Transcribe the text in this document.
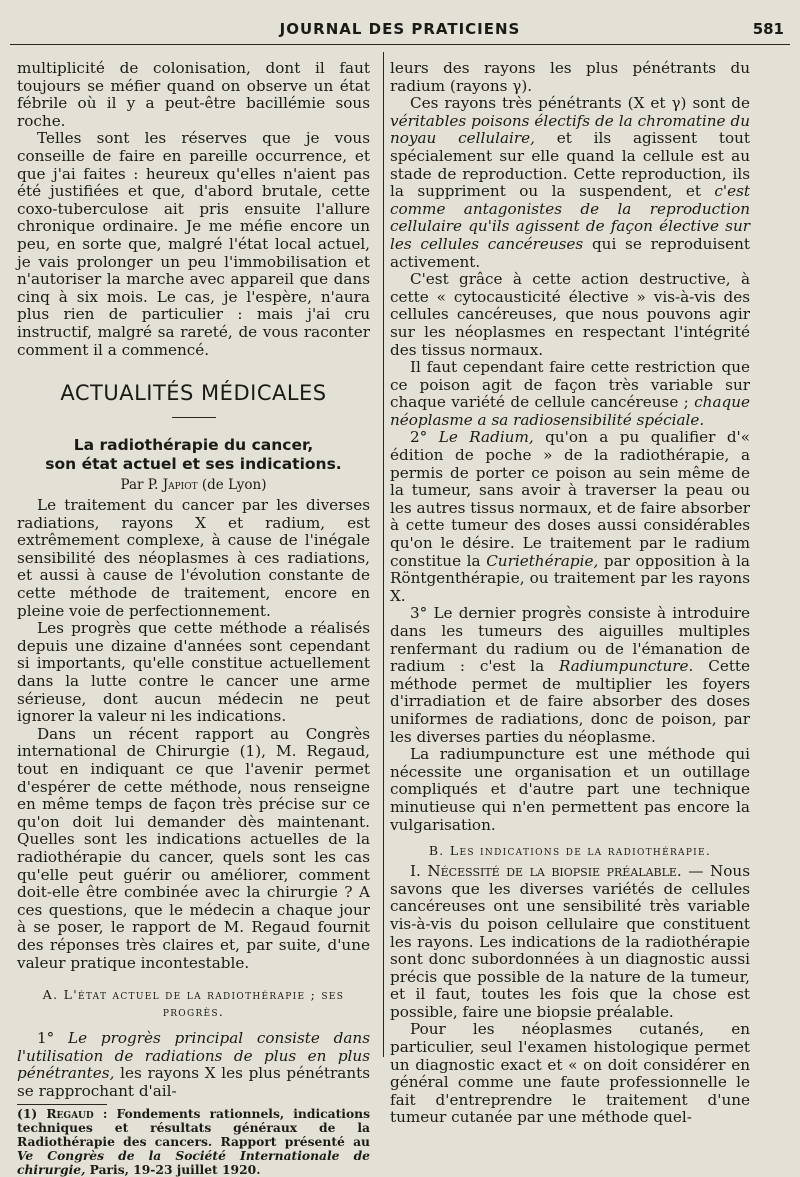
JOURNAL DES PRATICIENS	581

multiplicité de colonisation, dont il faut toujours se méfier quand on observe un état fébrile où il y a peut-être bacillémie sous roche.

Telles sont les réserves que je vous conseille de faire en pareille occurrence, et que j'ai faites : heureux qu'elles n'aient pas été justifiées et que, d'abord brutale, cette coxo-tuberculose ait pris ensuite l'allure chronique ordinaire. Je me méfie encore un peu, en sorte que, malgré l'état local actuel, je vais prolonger un peu l'immobilisation et n'autoriser la marche avec appareil que dans cinq à six mois. Le cas, je l'espère, n'aura plus rien de particulier : mais j'ai cru instructif, malgré sa rareté, de vous raconter comment il a commencé.

ACTUALITÉS MÉDICALES
La radiothérapie du cancer,
son état actuel et ses indications.
Par P. Japiot (de Lyon)

Le traitement du cancer par les diverses radiations, rayons X et radium, est extrêmement complexe, à cause de l'inégale sensibilité des néoplasmes à ces radiations, et aussi à cause de l'évolution constante de cette méthode de traitement, encore en pleine voie de perfectionnement.

Les progrès que cette méthode a réalisés depuis une dizaine d'années sont cependant si importants, qu'elle constitue actuellement dans la lutte contre le cancer une arme sérieuse, dont aucun médecin ne peut ignorer la valeur ni les indications.

Dans un récent rapport au Congrès international de Chirurgie (1), M. Regaud, tout en indiquant ce que l'avenir permet d'espérer de cette méthode, nous renseigne en même temps de façon très précise sur ce qu'on doit lui demander dès maintenant. Quelles sont les indications actuelles de la radiothérapie du cancer, quels sont les cas qu'elle peut guérir ou améliorer, comment doit-elle être combinée avec la chirurgie ? A ces questions, que le médecin a chaque jour à se poser, le rapport de M. Regaud fournit des réponses très claires et, par suite, d'une valeur pratique incontestable.

A. L'état actuel de la radiothérapie ; ses progrès.

1° Le progrès principal consiste dans l'utilisation de radiations de plus en plus pénétrantes, les rayons X les plus pénétrants se rapprochant d'ail-

(1) Regaud : Fondements rationnels, indications techniques et résultats généraux de la Radiothérapie des cancers. Rapport présenté au Ve Congrès de la Société Internationale de chirurgie, Paris, 19-23 juillet 1920.

leurs des rayons les plus pénétrants du radium (rayons γ).

Ces rayons très pénétrants (X et γ) sont de véritables poisons électifs de la chromatine du noyau cellulaire, et ils agissent tout spécialement sur elle quand la cellule est au stade de reproduction. Cette reproduction, ils la suppriment ou la suspendent, et c'est comme antagonistes de la reproduction cellulaire qu'ils agissent de façon élective sur les cellules cancéreuses qui se reproduisent activement.

C'est grâce à cette action destructive, à cette « cytocausticité élective » vis-à-vis des cellules cancéreuses, que nous pouvons agir sur les néoplasmes en respectant l'intégrité des tissus normaux.

Il faut cependant faire cette restriction que ce poison agit de façon très variable sur chaque variété de cellule cancéreuse ; chaque néoplasme a sa radiosensibilité spéciale.

2° Le Radium, qu'on a pu qualifier d'« édition de poche » de la radiothérapie, a permis de porter ce poison au sein même de la tumeur, sans avoir à traverser la peau ou les autres tissus normaux, et de faire absorber à cette tumeur des doses aussi considérables qu'on le désire. Le traitement par le radium constitue la Curiethérapie, par opposition à la Röntgenthérapie, ou traitement par les rayons X.

3° Le dernier progrès consiste à introduire dans les tumeurs des aiguilles multiples renfermant du radium ou de l'émanation de radium : c'est la Radiumpuncture. Cette méthode permet de multiplier les foyers d'irradiation et de faire absorber des doses uniformes de radiations, donc de poison, par les diverses parties du néoplasme.

La radiumpuncture est une méthode qui nécessite une organisation et un outillage compliqués et d'autre part une technique minutieuse qui n'en permettent pas encore la vulgarisation.

B. Les indications de la radiothérapie.

I. Nécessité de la biopsie préalable. — Nous savons que les diverses variétés de cellules cancéreuses ont une sensibilité très variable vis-à-vis du poison cellulaire que constituent les rayons. Les indications de la radiothérapie sont donc subordonnées à un diagnostic aussi précis que possible de la nature de la tumeur, et il faut, toutes les fois que la chose est possible, faire une biopsie préalable.

Pour les néoplasmes cutanés, en particulier, seul l'examen histologique permet un diagnostic exact et « on doit considérer en général comme une faute professionnelle le fait d'entreprendre le traitement d'une tumeur cutanée par une méthode quel-
